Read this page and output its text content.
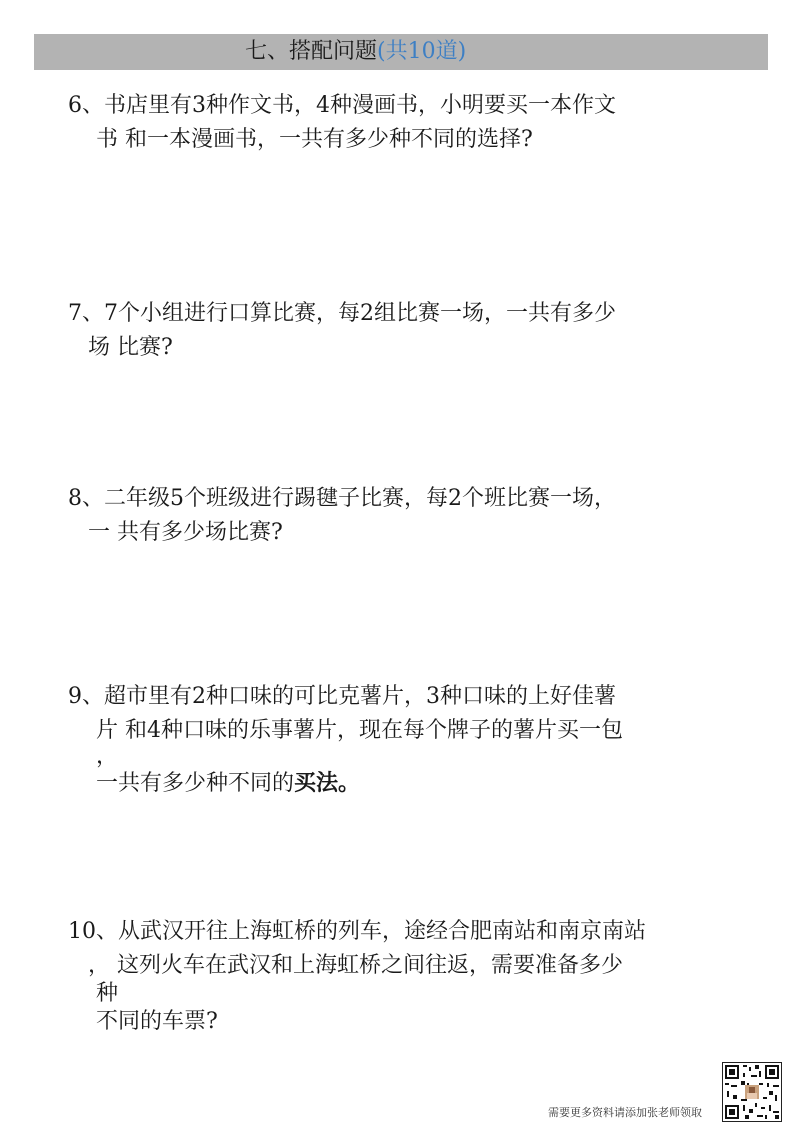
七、搭配问题(共10道)
6、书店里有3种作文书，4种漫画书，小明要买一本作文
书 和一本漫画书，一共有多少种不同的选择?
7、7个小组进行口算比赛，每2组比赛一场，一共有多少
场 比赛?
8、二年级5个班级进行踢毽子比赛，每2个班比赛一场，
一 共有多少场比赛?
9、超市里有2种口味的可比克薯片，3种口味的上好佳薯
片 和4种口味的乐事薯片，现在每个牌子的薯片买一包
，
一共有多少种不同的买法。
10、从武汉开往上海虹桥的列车，途经合肥南站和南京南站
， 这列火车在武汉和上海虹桥之间往返，需要准备多少
种
不同的车票?
需要更多资料请添加张老师领取
